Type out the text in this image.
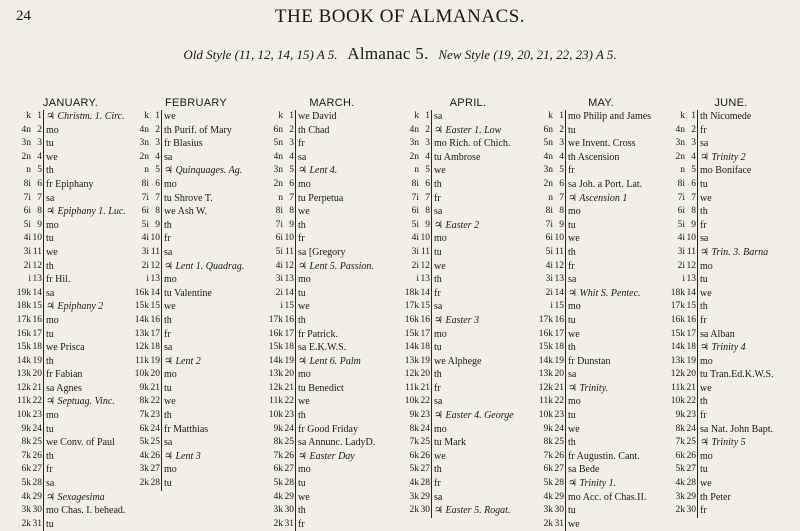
24	THE BOOK OF ALMANACS.
Old Style (11, 12, 14, 15) A 5. Almanac 5. New Style (19, 20, 21, 22, 23) A 5.
JANUARY.
k 1 ♃ Christm. 1. Circ.
4n 2 mo
3n 3 tu
2n 4 we
n 5 th
8i 6 fr Epiphany
7i 7 sa
6i 8 ♃ Epiphany 1. Luc.
5i 9 mo
4i 10 tu
3i 11 we
2i 12 th
i 13 fr Hil.
19k 14 sa
18k 15 ♃ Epiphany 2
17k 16 mo
16k 17 tu
15k 18 we Prisca
14k 19 th
13k 20 fr Fabian
12k 21 sa Agnes
11k 22 ♃ Septuag. Vinc.
10k 23 mo
9k 24 tu
8k 25 we Conv. of Paul
7k 26 th
6k 27 fr
5k 28 sa
4k 29 ♃ Sexagesima
3k 30 mo Chas. I. behead.
2k 31 tu
FEBRUARY
k 1 we
4n 2 th Purif. of Mary
3n 3 fr Blasius
2n 4 sa
n 5 ♃ Quinquages. Ag.
8i 6 mo
7i 7 tu Shrove T.
6i 8 we Ash W.
5i 9 th
4i 10 fr
3i 11 sa
2i 12 ♃ Lent 1. Quadrag.
i 13 mo
16k 14 tu Valentine
15k 15 we
14k 16 th
13k 17 fr
12k 18 sa
11k 19 ♃ Lent 2
10k 20 mo
9k 21 tu
8k 22 we
7k 23 th
6k 24 fr Matthias
5k 25 sa
4k 26 ♃ Lent 3
3k 27 mo
2k 28 tu
MARCH.
k 1 we David
6n 2 th Chad
5n 3 fr
4n 4 sa
3n 5 ♃ Lent 4.
2n 6 mo
n 7 tu Perpetua
8i 8 we
7i 9 th
6i 10 fr
5i 11 sa [Gregory
4i 12 ♃ Lent 5. Passion.
3i 13 mo
2i 14 tu
i 15 we
17k 16 th
16k 17 fr Patrick.
15k 18 sa E.K.W.S.
14k 19 ♃ Lent 6. Palm
13k 20 mo
12k 21 tu Benedict
11k 22 we
10k 23 th
9k 24 fr Good Friday
8k 25 sa Annunc. LadyD.
7k 26 ♃ Easter Day
6k 27 mo
5k 28 tu
4k 29 we
3k 30 th
2k 31 fr
APRIL.
k 1 sa
4n 2 ♃ Easter 1. Low
3n 3 mo Rich. of Chich.
2n 4 tu Ambrose
n 5 we
8i 6 th
7i 7 fr
6i 8 sa
5i 9 ♃ Easter 2
4i 10 mo
3i 11 tu
2i 12 we
i 13 th
18k 14 fr
17k 15 sa
16k 16 ♃ Easter 3
15k 17 mo
14k 18 tu
13k 19 we Alphege
12k 20 th
11k 21 fr
10k 22 sa
9k 23 ♃ Easter 4. George
8k 24 mo
7k 25 tu Mark
6k 26 we
5k 27 th
4k 28 fr
3k 29 sa
2k 30 ♃ Easter 5. Rogat.
MAY.
k 1 mo Philip and James
6n 2 tu
5n 3 we Invent. Cross
4n 4 th Ascension
3n 5 fr
2n 6 sa Joh. a Port. Lat.
n 7 ♃ Ascension 1
8i 8 mo
7i 9 tu
6i 10 we
5i 11 th
4i 12 fr
3i 13 sa
2i 14 ♃ Whit S. Pentec.
i 15 mo
17k 16 tu
16k 17 we
15k 18 th
14k 19 fr Dunstan
13k 20 sa
12k 21 ♃ Trinity.
11k 22 mo
10k 23 tu
9k 24 we
8k 25 th
7k 26 fr Augustin. Cant.
6k 27 sa Bede
5k 28 ♃ Trinity 1.
4k 29 mo Acc. of Chas.II.
3k 30 tu
2k 31 we
JUNE.
k 1 th Nicomede
4n 2 fr
3n 3 sa
2n 4 ♃ Trinity 2
n 5 mo Boniface
8i 6 tu
7i 7 we
6i 8 th
5i 9 fr
4i 10 sa
3i 11 ♃ Trin. 3. Barna
2i 12 mo
i 13 tu
18k 14 we
17k 15 th
16k 16 fr
15k 17 sa Alban
14k 18 ♃ Trinity 4
13k 19 mo
12k 20 tu Tran.Ed.K.W.S.
11k 21 we
10k 22 th
9k 23 fr
8k 24 sa Nat. John Bapt.
7k 25 ♃ Trinity 5
6k 26 mo
5k 27 tu
4k 28 we
3k 29 th Peter
2k 30 fr
